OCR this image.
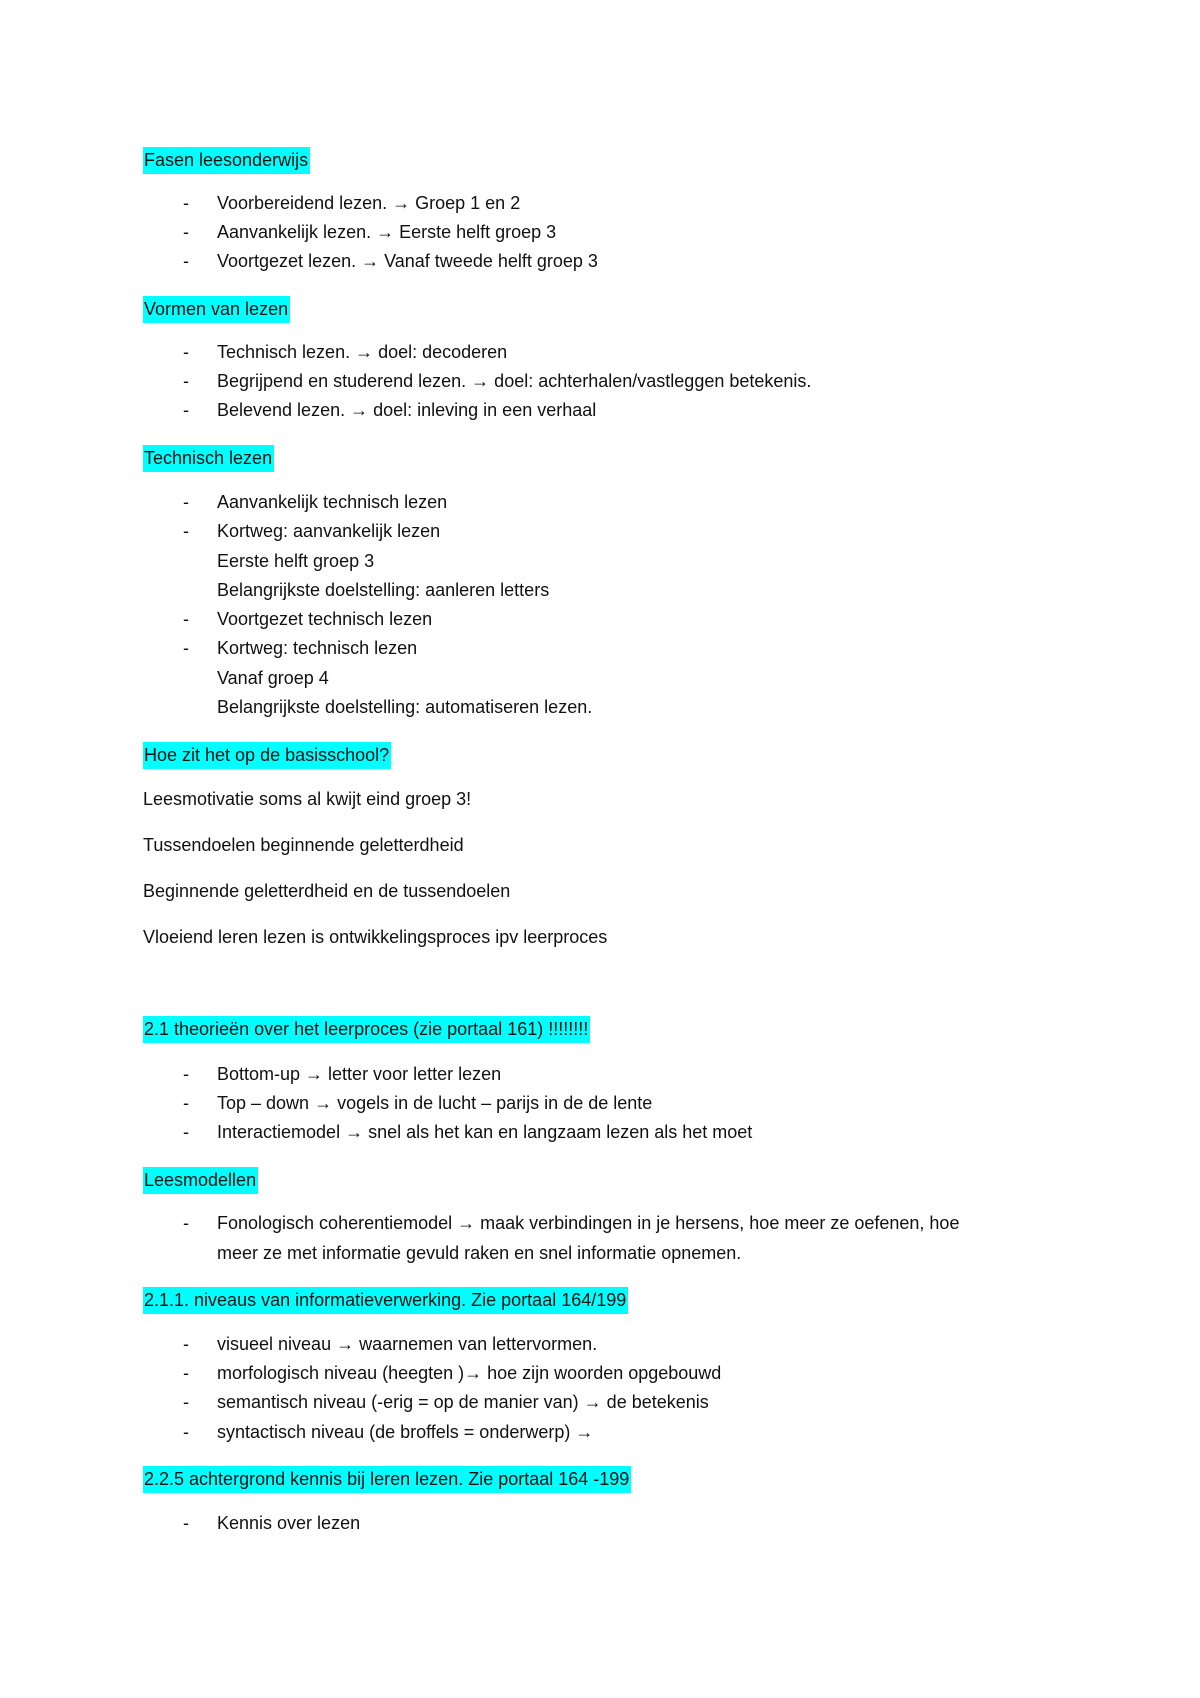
Fasen leesonderwijs
Voorbereidend lezen. → Groep 1 en 2
Aanvankelijk lezen. → Eerste helft groep 3
Voortgezet lezen. → Vanaf tweede helft groep 3
Vormen van lezen
Technisch lezen. → doel: decoderen
Begrijpend en studerend lezen. → doel: achterhalen/vastleggen betekenis.
Belevend lezen. → doel: inleving in een verhaal
Technisch lezen
Aanvankelijk technisch lezen
Kortweg: aanvankelijk lezen
Eerste helft groep 3
Belangrijkste doelstelling: aanleren letters
Voortgezet technisch lezen
Kortweg: technisch lezen
Vanaf groep 4
Belangrijkste doelstelling: automatiseren lezen.
Hoe zit het op de basisschool?
Leesmotivatie soms al kwijt eind groep 3!
Tussendoelen beginnende geletterdheid
Beginnende geletterdheid en de tussendoelen
Vloeiend leren lezen is ontwikkelingsproces ipv leerproces
2.1 theorieën over het leerproces (zie portaal 161) !!!!!!!!
Bottom-up → letter voor letter lezen
Top – down → vogels in de lucht – parijs in de de lente
Interactiemodel → snel als het kan en langzaam lezen als het moet
Leesmodellen
Fonologisch coherentiemodel → maak verbindingen in je hersens, hoe meer ze oefenen, hoe
meer ze met informatie gevuld raken en snel informatie opnemen.
2.1.1. niveaus van informatieverwerking. Zie portaal 164/199
visueel niveau → waarnemen van lettervormen.
morfologisch niveau (heegten )→ hoe zijn woorden opgebouwd
semantisch niveau (-erig = op de manier van) → de betekenis
syntactisch niveau (de broffels = onderwerp) →
2.2.5 achtergrond kennis bij leren lezen. Zie portaal 164 -199
Kennis over lezen
